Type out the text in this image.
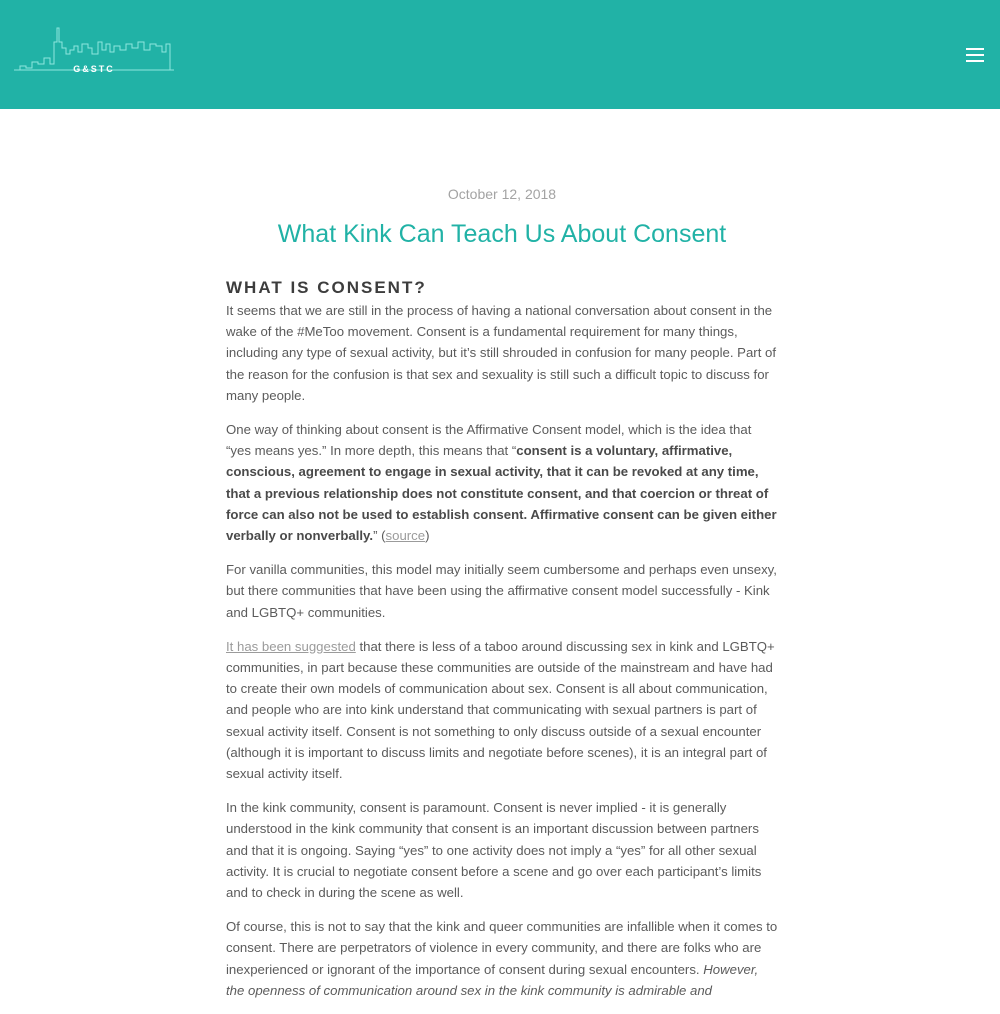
G&STC

October 12, 2018

What Kink Can Teach Us About Consent
WHAT IS CONSENT?

It seems that we are still in the process of having a national conversation about consent in the wake of the #MeToo movement. Consent is a fundamental requirement for many things, including any type of sexual activity, but it’s still shrouded in confusion for many people. Part of the reason for the confusion is that sex and sexuality is still such a difficult topic to discuss for many people.

One way of thinking about consent is the Affirmative Consent model, which is the idea that “yes means yes.” In more depth, this means that “consent is a voluntary, affirmative, conscious, agreement to engage in sexual activity, that it can be revoked at any time, that a previous relationship does not constitute consent, and that coercion or threat of force can also not be used to establish consent. Affirmative consent can be given either verbally or nonverbally.” (source)

For vanilla communities, this model may initially seem cumbersome and perhaps even unsexy, but there communities that have been using the affirmative consent model successfully - Kink and LGBTQ+ communities.

It has been suggested that there is less of a taboo around discussing sex in kink and LGBTQ+ communities, in part because these communities are outside of the mainstream and have had to create their own models of communication about sex. Consent is all about communication, and people who are into kink understand that communicating with sexual partners is part of sexual activity itself. Consent is not something to only discuss outside of a sexual encounter (although it is important to discuss limits and negotiate before scenes), it is an integral part of sexual activity itself.

In the kink community, consent is paramount. Consent is never implied - it is generally understood in the kink community that consent is an important discussion between partners and that it is ongoing. Saying “yes” to one activity does not imply a “yes” for all other sexual activity. It is crucial to negotiate consent before a scene and go over each participant’s limits and to check in during the scene as well.

Of course, this is not to say that the kink and queer communities are infallible when it comes to consent. There are perpetrators of violence in every community, and there are folks who are inexperienced or ignorant of the importance of consent during sexual encounters. However, the openness of communication around sex in the kink community is admirable and
